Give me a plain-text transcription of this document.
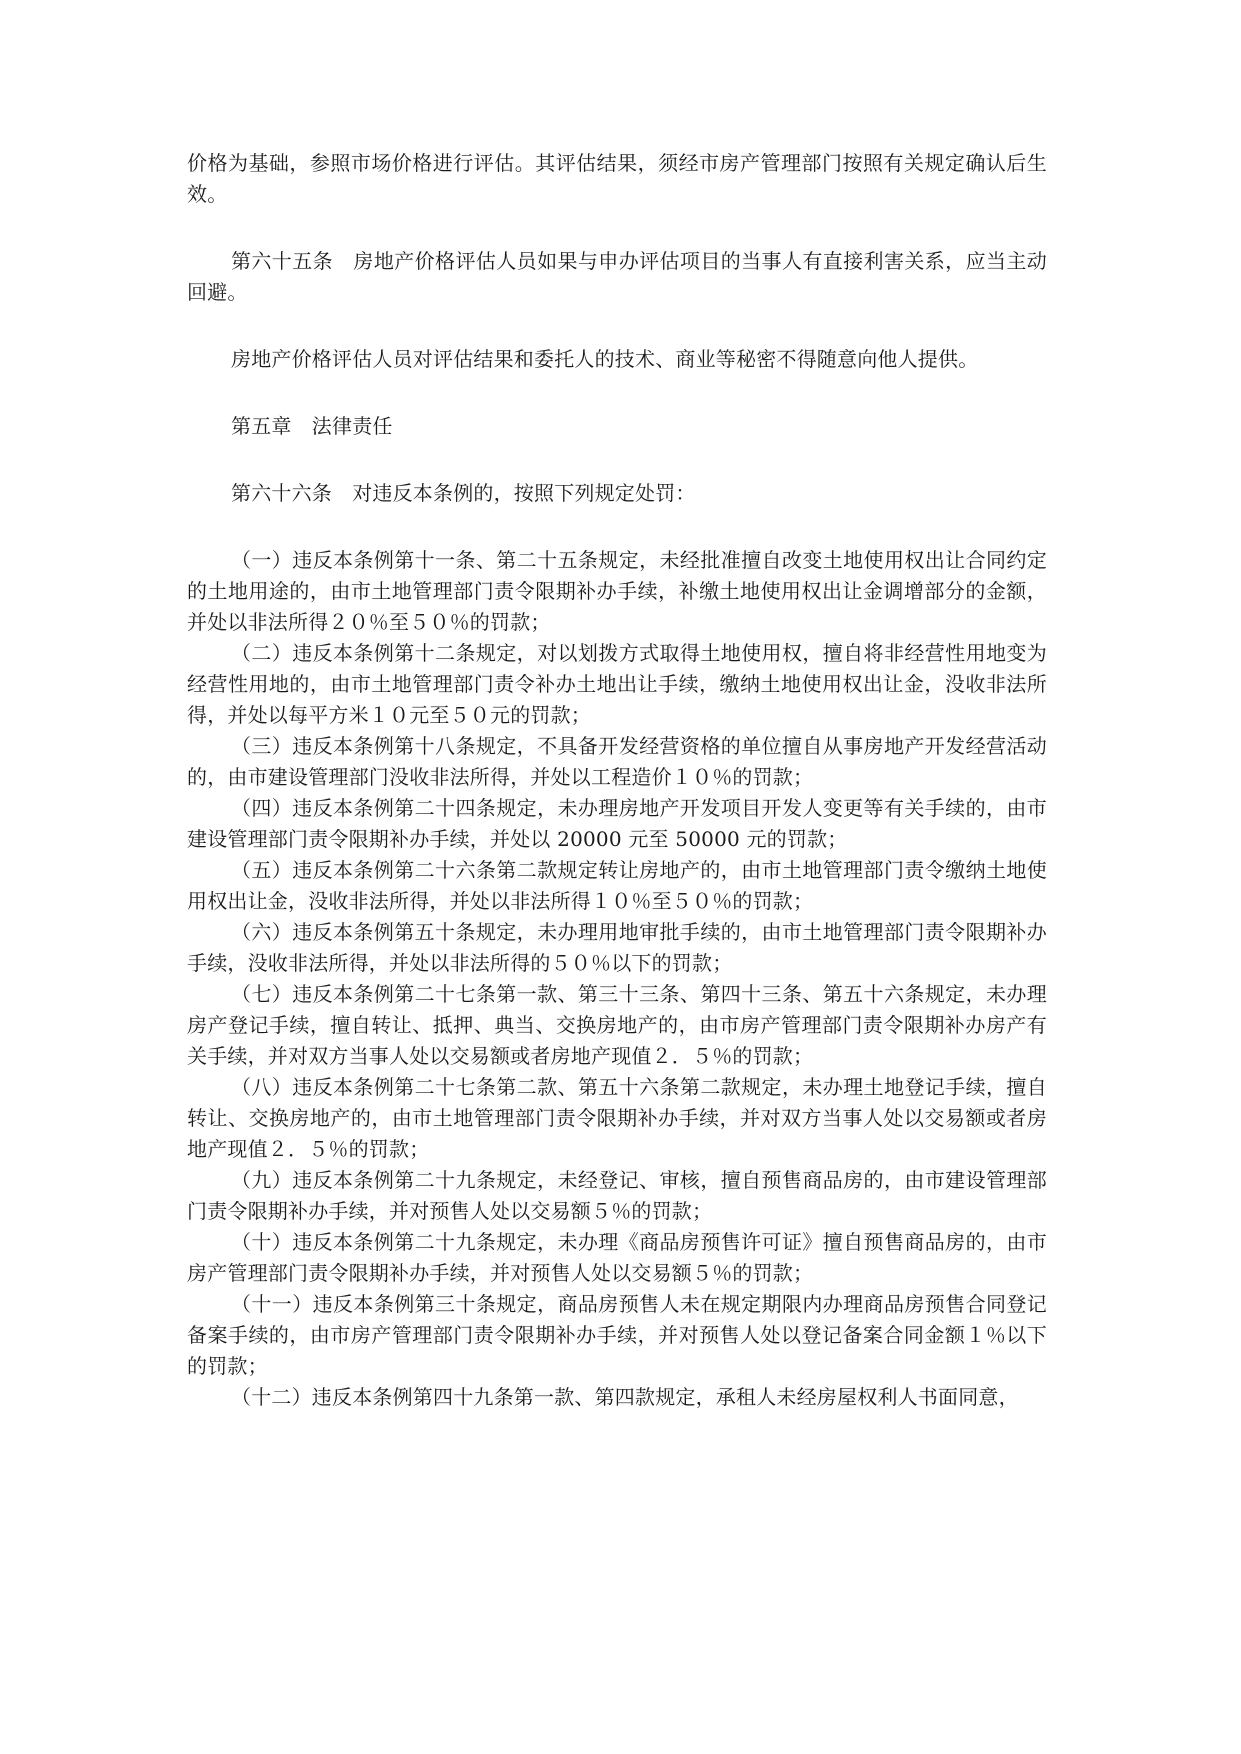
价格为基础，参照市场价格进行评估。其评估结果，须经市房产管理部门按照有关规定确认后生效。

第六十五条　房地产价格评估人员如果与申办评估项目的当事人有直接利害关系，应当主动回避。

房地产价格评估人员对评估结果和委托人的技术、商业等秘密不得随意向他人提供。

第五章　法律责任

第六十六条　对违反本条例的，按照下列规定处罚：

（一）违反本条例第十一条、第二十五条规定，未经批准擅自改变土地使用权出让合同约定的土地用途的，由市土地管理部门责令限期补办手续，补缴土地使用权出让金调增部分的金额，并处以非法所得２０％至５０％的罚款；

（二）违反本条例第十二条规定，对以划拨方式取得土地使用权，擅自将非经营性用地变为经营性用地的，由市土地管理部门责令补办土地出让手续，缴纳土地使用权出让金，没收非法所得，并处以每平方米１０元至５０元的罚款；

（三）违反本条例第十八条规定，不具备开发经营资格的单位擅自从事房地产开发经营活动的，由市建设管理部门没收非法所得，并处以工程造价１０％的罚款；

（四）违反本条例第二十四条规定，未办理房地产开发项目开发人变更等有关手续的，由市建设管理部门责令限期补办手续，并处以 20000 元至 50000 元的罚款；

（五）违反本条例第二十六条第二款规定转让房地产的，由市土地管理部门责令缴纳土地使用权出让金，没收非法所得，并处以非法所得１０％至５０％的罚款；

（六）违反本条例第五十条规定，未办理用地审批手续的，由市土地管理部门责令限期补办手续，没收非法所得，并处以非法所得的５０％以下的罚款；

（七）违反本条例第二十七条第一款、第三十三条、第四十三条、第五十六条规定，未办理房产登记手续，擅自转让、抵押、典当、交换房地产的，由市房产管理部门责令限期补办房产有关手续，并对双方当事人处以交易额或者房地产现值２．５％的罚款；

（八）违反本条例第二十七条第二款、第五十六条第二款规定，未办理土地登记手续，擅自转让、交换房地产的，由市土地管理部门责令限期补办手续，并对双方当事人处以交易额或者房地产现值２．５％的罚款；

（九）违反本条例第二十九条规定，未经登记、审核，擅自预售商品房的，由市建设管理部门责令限期补办手续，并对预售人处以交易额５％的罚款；

（十）违反本条例第二十九条规定，未办理《商品房预售许可证》擅自预售商品房的，由市房产管理部门责令限期补办手续，并对预售人处以交易额５％的罚款；

（十一）违反本条例第三十条规定，商品房预售人未在规定期限内办理商品房预售合同登记备案手续的，由市房产管理部门责令限期补办手续，并对预售人处以登记备案合同金额１％以下的罚款；

（十二）违反本条例第四十九条第一款、第四款规定，承租人未经房屋权利人书面同意，
